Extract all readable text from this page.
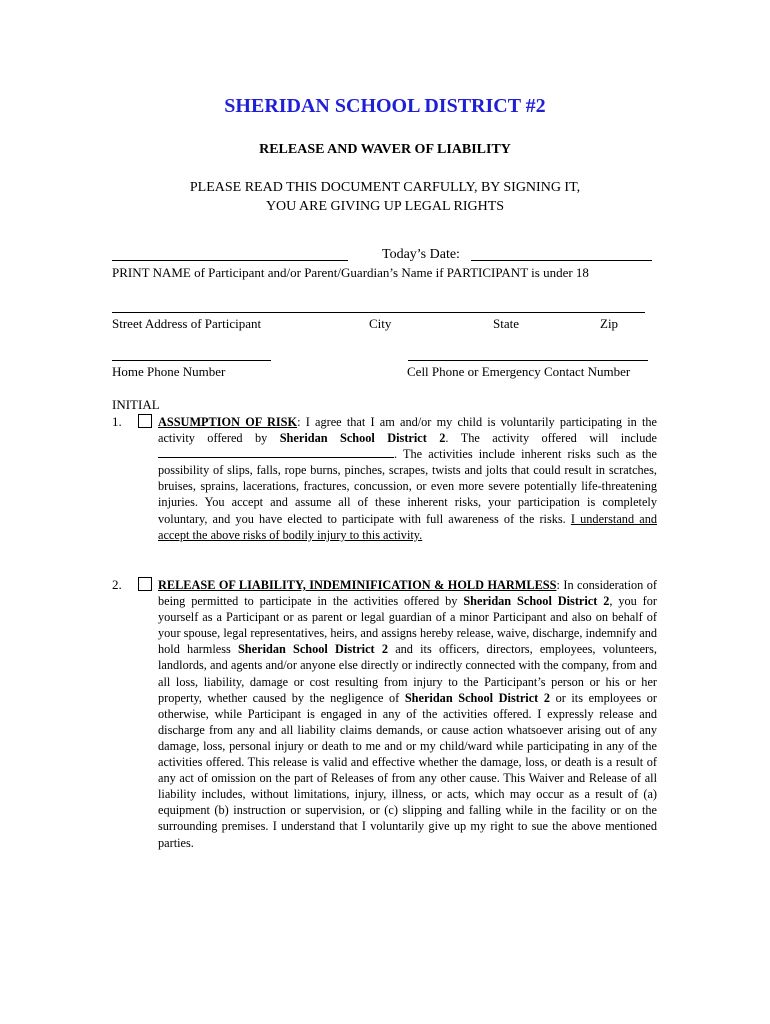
SHERIDAN SCHOOL DISTRICT #2
RELEASE AND WAVER OF LIABILITY
PLEASE READ THIS DOCUMENT CARFULLY, BY SIGNING IT,
YOU ARE GIVING UP LEGAL RIGHTS
Today’s Date:
PRINT NAME of Participant and/or Parent/Guardian’s Name if PARTICIPANT is under 18
Street Address of Participant	City	State	Zip
Home Phone Number	Cell Phone or Emergency Contact Number
INITIAL
1.	ASSUMPTION OF RISK: I agree that I am and/or my child is voluntarily participating in the activity offered by Sheridan School District 2. The activity offered will include . The activities include inherent risks such as the possibility of slips, falls, rope burns, pinches, scrapes, twists and jolts that could result in scratches, bruises, sprains, lacerations, fractures, concussion, or even more severe potentially life-threatening injuries. You accept and assume all of these inherent risks, your participation is completely voluntary, and you have elected to participate with full awareness of the risks. I understand and accept the above risks of bodily injury to this activity.

2.	RELEASE OF LIABILITY, INDEMINIFICATION & HOLD HARMLESS: In consideration of being permitted to participate in the activities offered by Sheridan School District 2, you for yourself as a Participant or as parent or legal guardian of a minor Participant and also on behalf of your spouse, legal representatives, heirs, and assigns hereby release, waive, discharge, indemnify and hold harmless Sheridan School District 2 and its officers, directors, employees, volunteers, landlords, and agents and/or anyone else directly or indirectly connected with the company, from and all loss, liability, damage or cost resulting from injury to the Participant’s person or his or her property, whether caused by the negligence of Sheridan School District 2 or its employees or otherwise, while Participant is engaged in any of the activities offered. I expressly release and discharge from any and all liability claims demands, or cause action whatsoever arising out of any damage, loss, personal injury or death to me and or my child/ward while participating in any of the activities offered. This release is valid and effective whether the damage, loss, or death is a result of any act of omission on the part of Releases of from any other cause. This Waiver and Release of all liability includes, without limitations, injury, illness, or acts, which may occur as a result of (a) equipment (b) instruction or supervision, or (c) slipping and falling while in the facility or on the surrounding premises. I understand that I voluntarily give up my right to sue the above mentioned parties.
